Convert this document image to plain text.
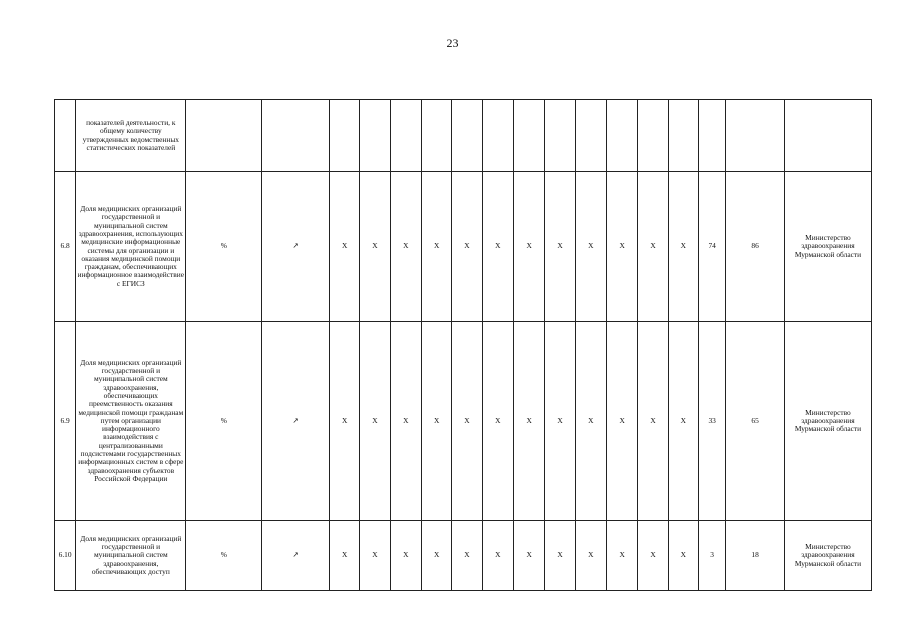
23
	показателей деятельности, к общему количеству утвержденных ведомственных статистических показателей																	
6.8	Доля медицинских организаций государственной и муниципальной систем здравоохранения, использующих медицинские информационные системы для организации и оказания медицинской помощи гражданам, обеспечивающих информационное взаимодействие с ЕГИСЗ	%	↗	X	X	X	X	X	X	X	X	X	X	X	X	74	86	Министерство здравоохранения Мурманской области
6.9	Доля медицинских организаций государственной и муниципальной систем здравоохранения, обеспечивающих преемственность оказания медицинской помощи гражданам путем организации информационного взаимодействия с централизованными подсистемами государственных информационных систем в сфере здравоохранения субъектов Российской Федерации	%	↗	X	X	X	X	X	X	X	X	X	X	X	X	33	65	Министерство здравоохранения Мурманской области
6.10	Доля медицинских организаций государственной и муниципальной систем здравоохранения, обеспечивающих доступ	%	↗	X	X	X	X	X	X	X	X	X	X	X	X	3	18	Министерство здравоохранения Мурманской области
